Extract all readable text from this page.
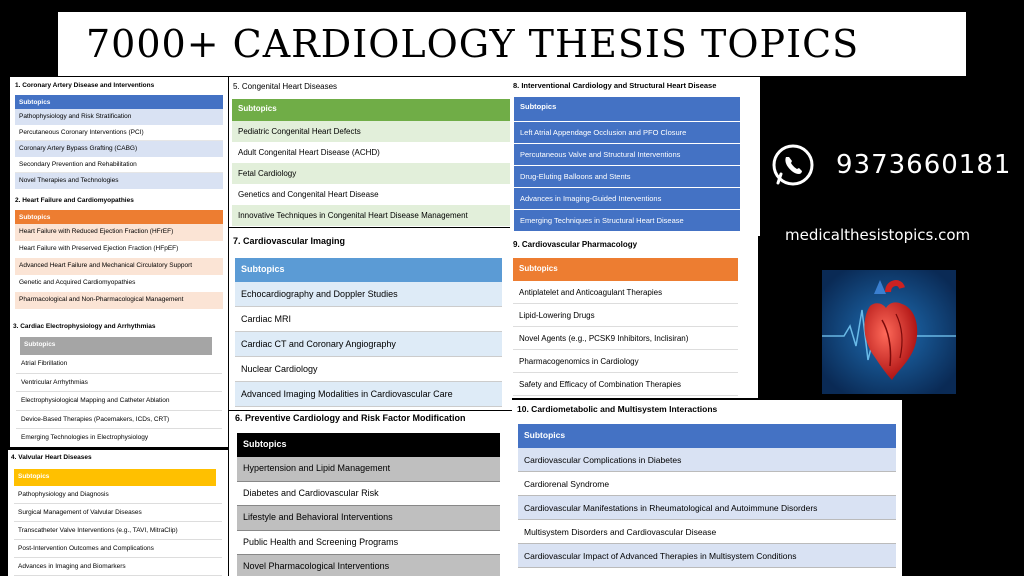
7000+ CARDIOLOGY THESIS TOPICS
1. Coronary Artery Disease and Interventions
Subtopics
Pathophysiology and Risk Stratification
Percutaneous Coronary Interventions (PCI)
Coronary Artery Bypass Grafting (CABG)
Secondary Prevention and Rehabilitation
Novel Therapies and Technologies
2. Heart Failure and Cardiomyopathies
Subtopics
Heart Failure with Reduced Ejection Fraction (HFrEF)
Heart Failure with Preserved Ejection Fraction (HFpEF)
Advanced Heart Failure and Mechanical Circulatory Support
Genetic and Acquired Cardiomyopathies
Pharmacological and Non-Pharmacological Management
3. Cardiac Electrophysiology and Arrhythmias
Subtopics
Atrial Fibrillation
Ventricular Arrhythmias
Electrophysiological Mapping and Catheter Ablation
Device-Based Therapies (Pacemakers, ICDs, CRT)
Emerging Technologies in Electrophysiology
4. Valvular Heart Diseases
Subtopics
Pathophysiology and Diagnosis
Surgical Management of Valvular Diseases
Transcatheter Valve Interventions (e.g., TAVI, MitraClip)
Post-Intervention Outcomes and Complications
Advances in Imaging and Biomarkers
5. Congenital Heart Diseases
Subtopics
Pediatric Congenital Heart Defects
Adult Congenital Heart Disease (ACHD)
Fetal Cardiology
Genetics and Congenital Heart Disease
Innovative Techniques in Congenital Heart Disease Management
7. Cardiovascular Imaging
Subtopics
Echocardiography and Doppler Studies
Cardiac MRI
Cardiac CT and Coronary Angiography
Nuclear Cardiology
Advanced Imaging Modalities in Cardiovascular Care
6. Preventive Cardiology and Risk Factor Modification
Subtopics
Hypertension and Lipid Management
Diabetes and Cardiovascular Risk
Lifestyle and Behavioral Interventions
Public Health and Screening Programs
Novel Pharmacological Interventions
8. Interventional Cardiology and Structural Heart Disease
Subtopics
Left Atrial Appendage Occlusion and PFO Closure
Percutaneous Valve and Structural Interventions
Drug-Eluting Balloons and Stents
Advances in Imaging-Guided Interventions
Emerging Techniques in Structural Heart Disease
9. Cardiovascular Pharmacology
Subtopics
Antiplatelet and Anticoagulant Therapies
Lipid-Lowering Drugs
Novel Agents (e.g., PCSK9 Inhibitors, Inclisiran)
Pharmacogenomics in Cardiology
Safety and Efficacy of Combination Therapies
10. Cardiometabolic and Multisystem Interactions
Subtopics
Cardiovascular Complications in Diabetes
Cardiorenal Syndrome
Cardiovascular Manifestations in Rheumatological and Autoimmune Disorders
Multisystem Disorders and Cardiovascular Disease
Cardiovascular Impact of Advanced Therapies in Multisystem Conditions
9373660181
medicalthesistopics.com
